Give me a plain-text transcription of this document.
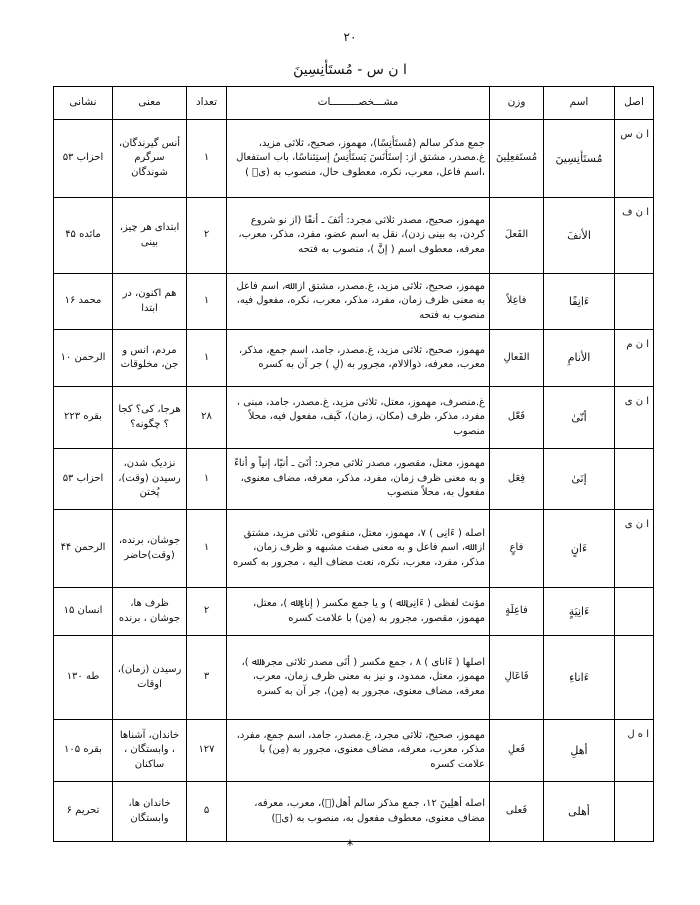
۲۰
ا ن س - مُستَأنِسِينَ
اصل	اسم	وزن	مشـــخصـــــــــات	تعداد	معنی	نشانی
ا ن س	مُستَأنِسِينَ	مُستَفعِلِينَ	جمع مذکر سالم (مُستَأنِسًا)، مهموز، صحیح، ثلاثی مزید، غ.مصدر، مشتق از: إستَأنَسَ يَستَأنِسُ إستِئناسًا، باب استفعال ،اسم فاعل، معرب، نکره، معطوف حال، منصوب به (ىٖ )	۱	أنس گیرندگان، سرگرم شوندگان	احزاب ۵۳
ا ن ف	الأنفَ	الفَعلَ	مهموز، صحیح، مصدر ثلاثی مجرد: أنَفَ ـ أنفًا (از نو شروع کردن، به بینی زدن)، نقل به اسم عضو، مفرد، مذکر، معرب، معرفه، معطوف اسم ( إنَّ )، منصوب به فتحه	۲	ابتدای هر چیز، بینی	مائده ۴۵
	ءَانِفًا	فاعِلاً	مهموز، صحیح، ثلاثی مزید، غ.مصدر، مشتق از: ﷲ، اسم فاعل به معنی ظرف زمان، مفرد، مذکر، معرب، نکره، مفعول فیه، منصوب به فتحه	۱	هم اکنون، در ابتدا	محمد ۱۶
ا ن م	الأنامِ	الفَعالِ	مهموز، صحیح، ثلاثی مزید، غ.مصدر، جامد، اسم جمع، مذکر، معرب، معرفه، ذوالالام، مجرور به (لِ ) جر آن به کسره	۱	مردم، انس و جن، مخلوقات	الرحمن ۱۰
ا ن ی	أنّیٰ	فَعّٰل	غ.منصرف، مهموز، معتل، ثلاثی مزید، غ.مصدر، جامد، مبنی ، مفرد، مذکر، ظرف (مکان، زمان)، کَیف، مفعول فیه، محلاً منصوب	۲۸	هرجا، کی؟ کجا ؟ چگونه؟	بقره ۲۲۳
	إنَیٰ	فِعَل	مهموز، معتل، مقصور، مصدر ثلاثی مجرد: أنَیَ ـ أنیًا، إنیاً و أناءً و به معنی ظرف زمان، مفرد، مذکر، معرفه، مضاف معنوی، مفعول به، محلاً منصوب	۱	نزدیک شدن، رسیدن (وقت)، پُختن	احزاب ۵۳
ا ن ی	ءَانٍ	فاعٍ	اصله ( ءَانِی ) ۷، مهموز، معتل، منقوص، ثلاثی مزید، مشتق از: ﷲ، اسم فاعل و به معنی صفت مشبهه و ظرف زمان، مذکر، مفرد، معرب، نکره، نعت مضاف الیه ، مجرور به کسره	۱	جوشان، برنده، (وقت)حاضر	الرحمن ۴۴
	ءَانِیَةٍ	فاعِلَةٍ	مؤنث لفظی ( ءَانِی ﷲ ) و یا جمع مکسر ( إناءٍ ﷲ )، معتل، مهموز، مقصور، مجرور به (مِن) با علامت کسره	۲	ظرف ها، جوشان ، برنده	انسان ۱۵
	ءَاناءِ	فَاعَالِ	اصلها ( ءَانای ) ۸ ، جمع مکسر ( أنَی مصدر ثلاثی مجرد ﷲ )، مهموز، معتل، ممدود، و نیز به معنی ظرف زمان، معرب، معرفه، مضاف معنوی، مجرور به (مِن)، جر آن به کسره	۳	رسیدن (زمان)، اوقات	طه ۱۳۰
ا ه ل	أهلِ	فَعلِ	مهموز، صحیح، ثلاثی مجرد، غ.مصدر، جامد، اسم جمع، مفرد، مذکر، معرب، معرفه، مضاف معنوی، مجرور به (مِن) با علامت کسره	۱۲۷	خاندان، آشناها ، وابستگان ، ساکنان	بقره ۱۰۵
	أهلی	فَعلی	اصله أهلِینَ ۱۲، جمع مذکر سالم أهل(ﷲ)، معرب، معرفه، مضاف معنوی، معطوف مفعول به، منصوب به (یٖ)	۵	خاندان ها، وابستگان	تحریم ۶
*
